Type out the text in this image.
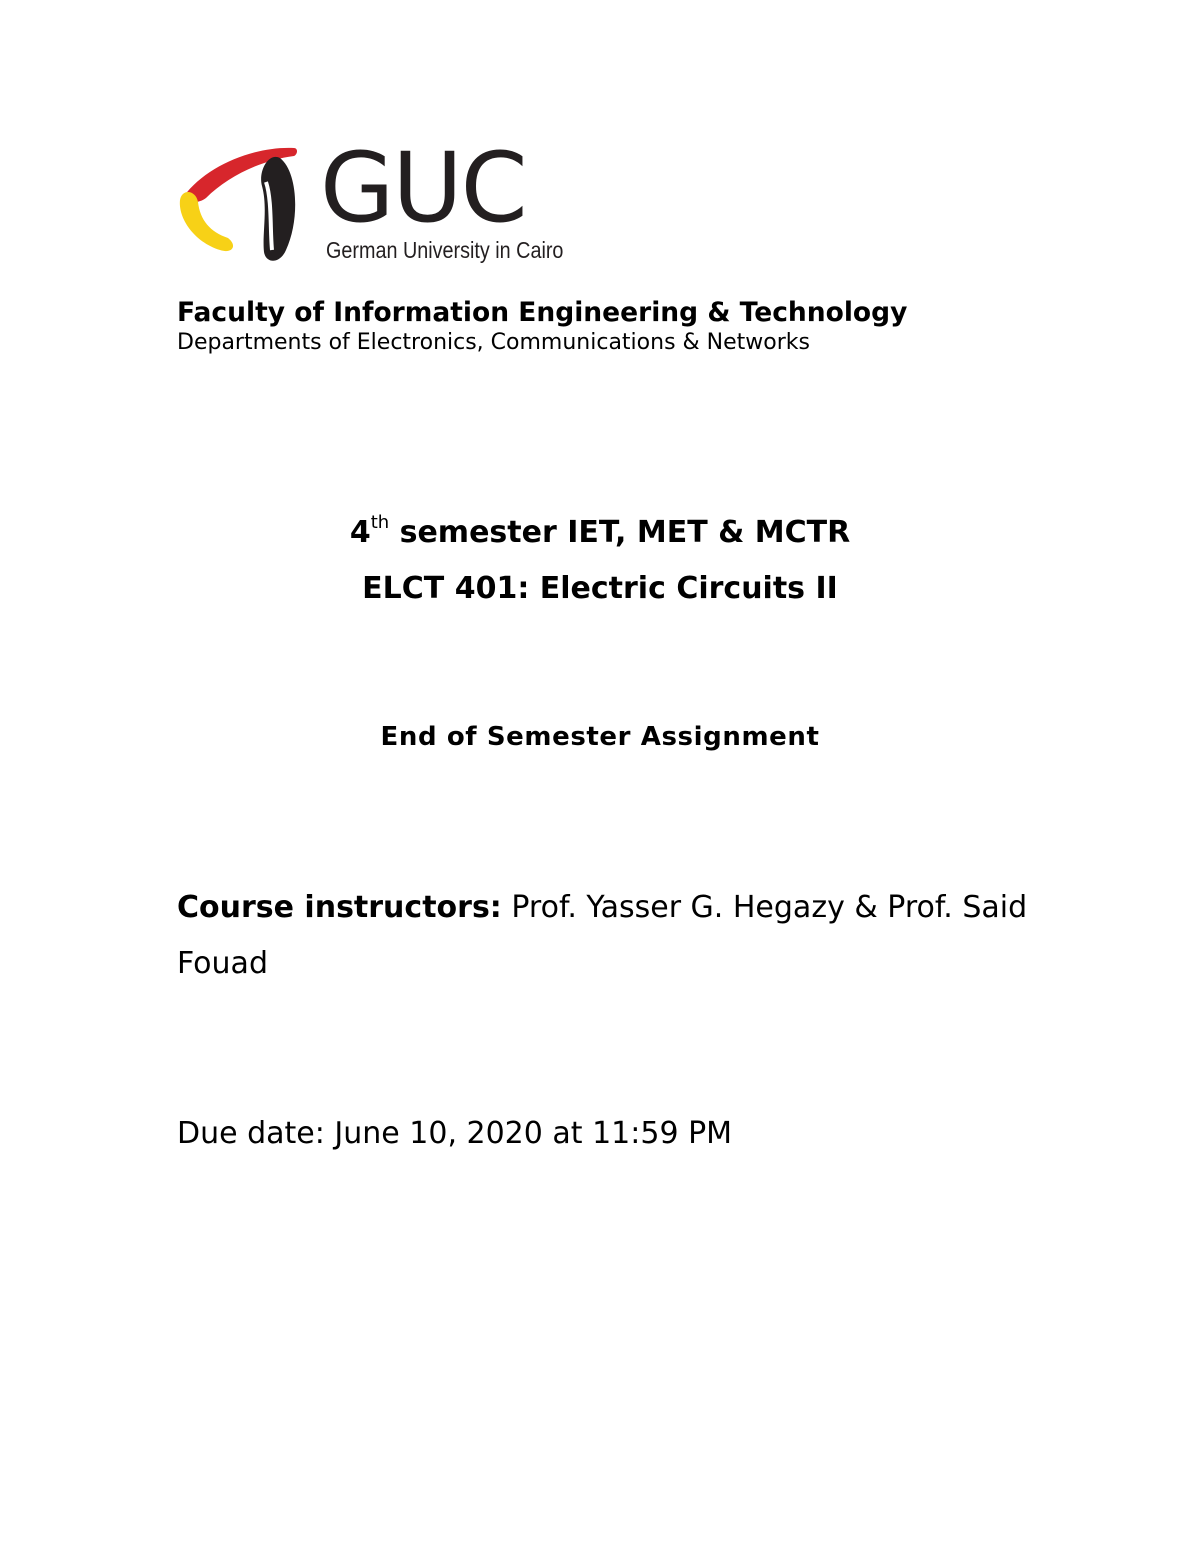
GUC
German University in Cairo
Faculty of Information Engineering & Technology
Departments of Electronics, Communications & Networks
4th semester IET, MET & MCTR
ELCT 401: Electric Circuits II
End of Semester Assignment
Course instructors: Prof. Yasser G. Hegazy & Prof. Said Fouad
Due date: June 10, 2020 at 11:59 PM
